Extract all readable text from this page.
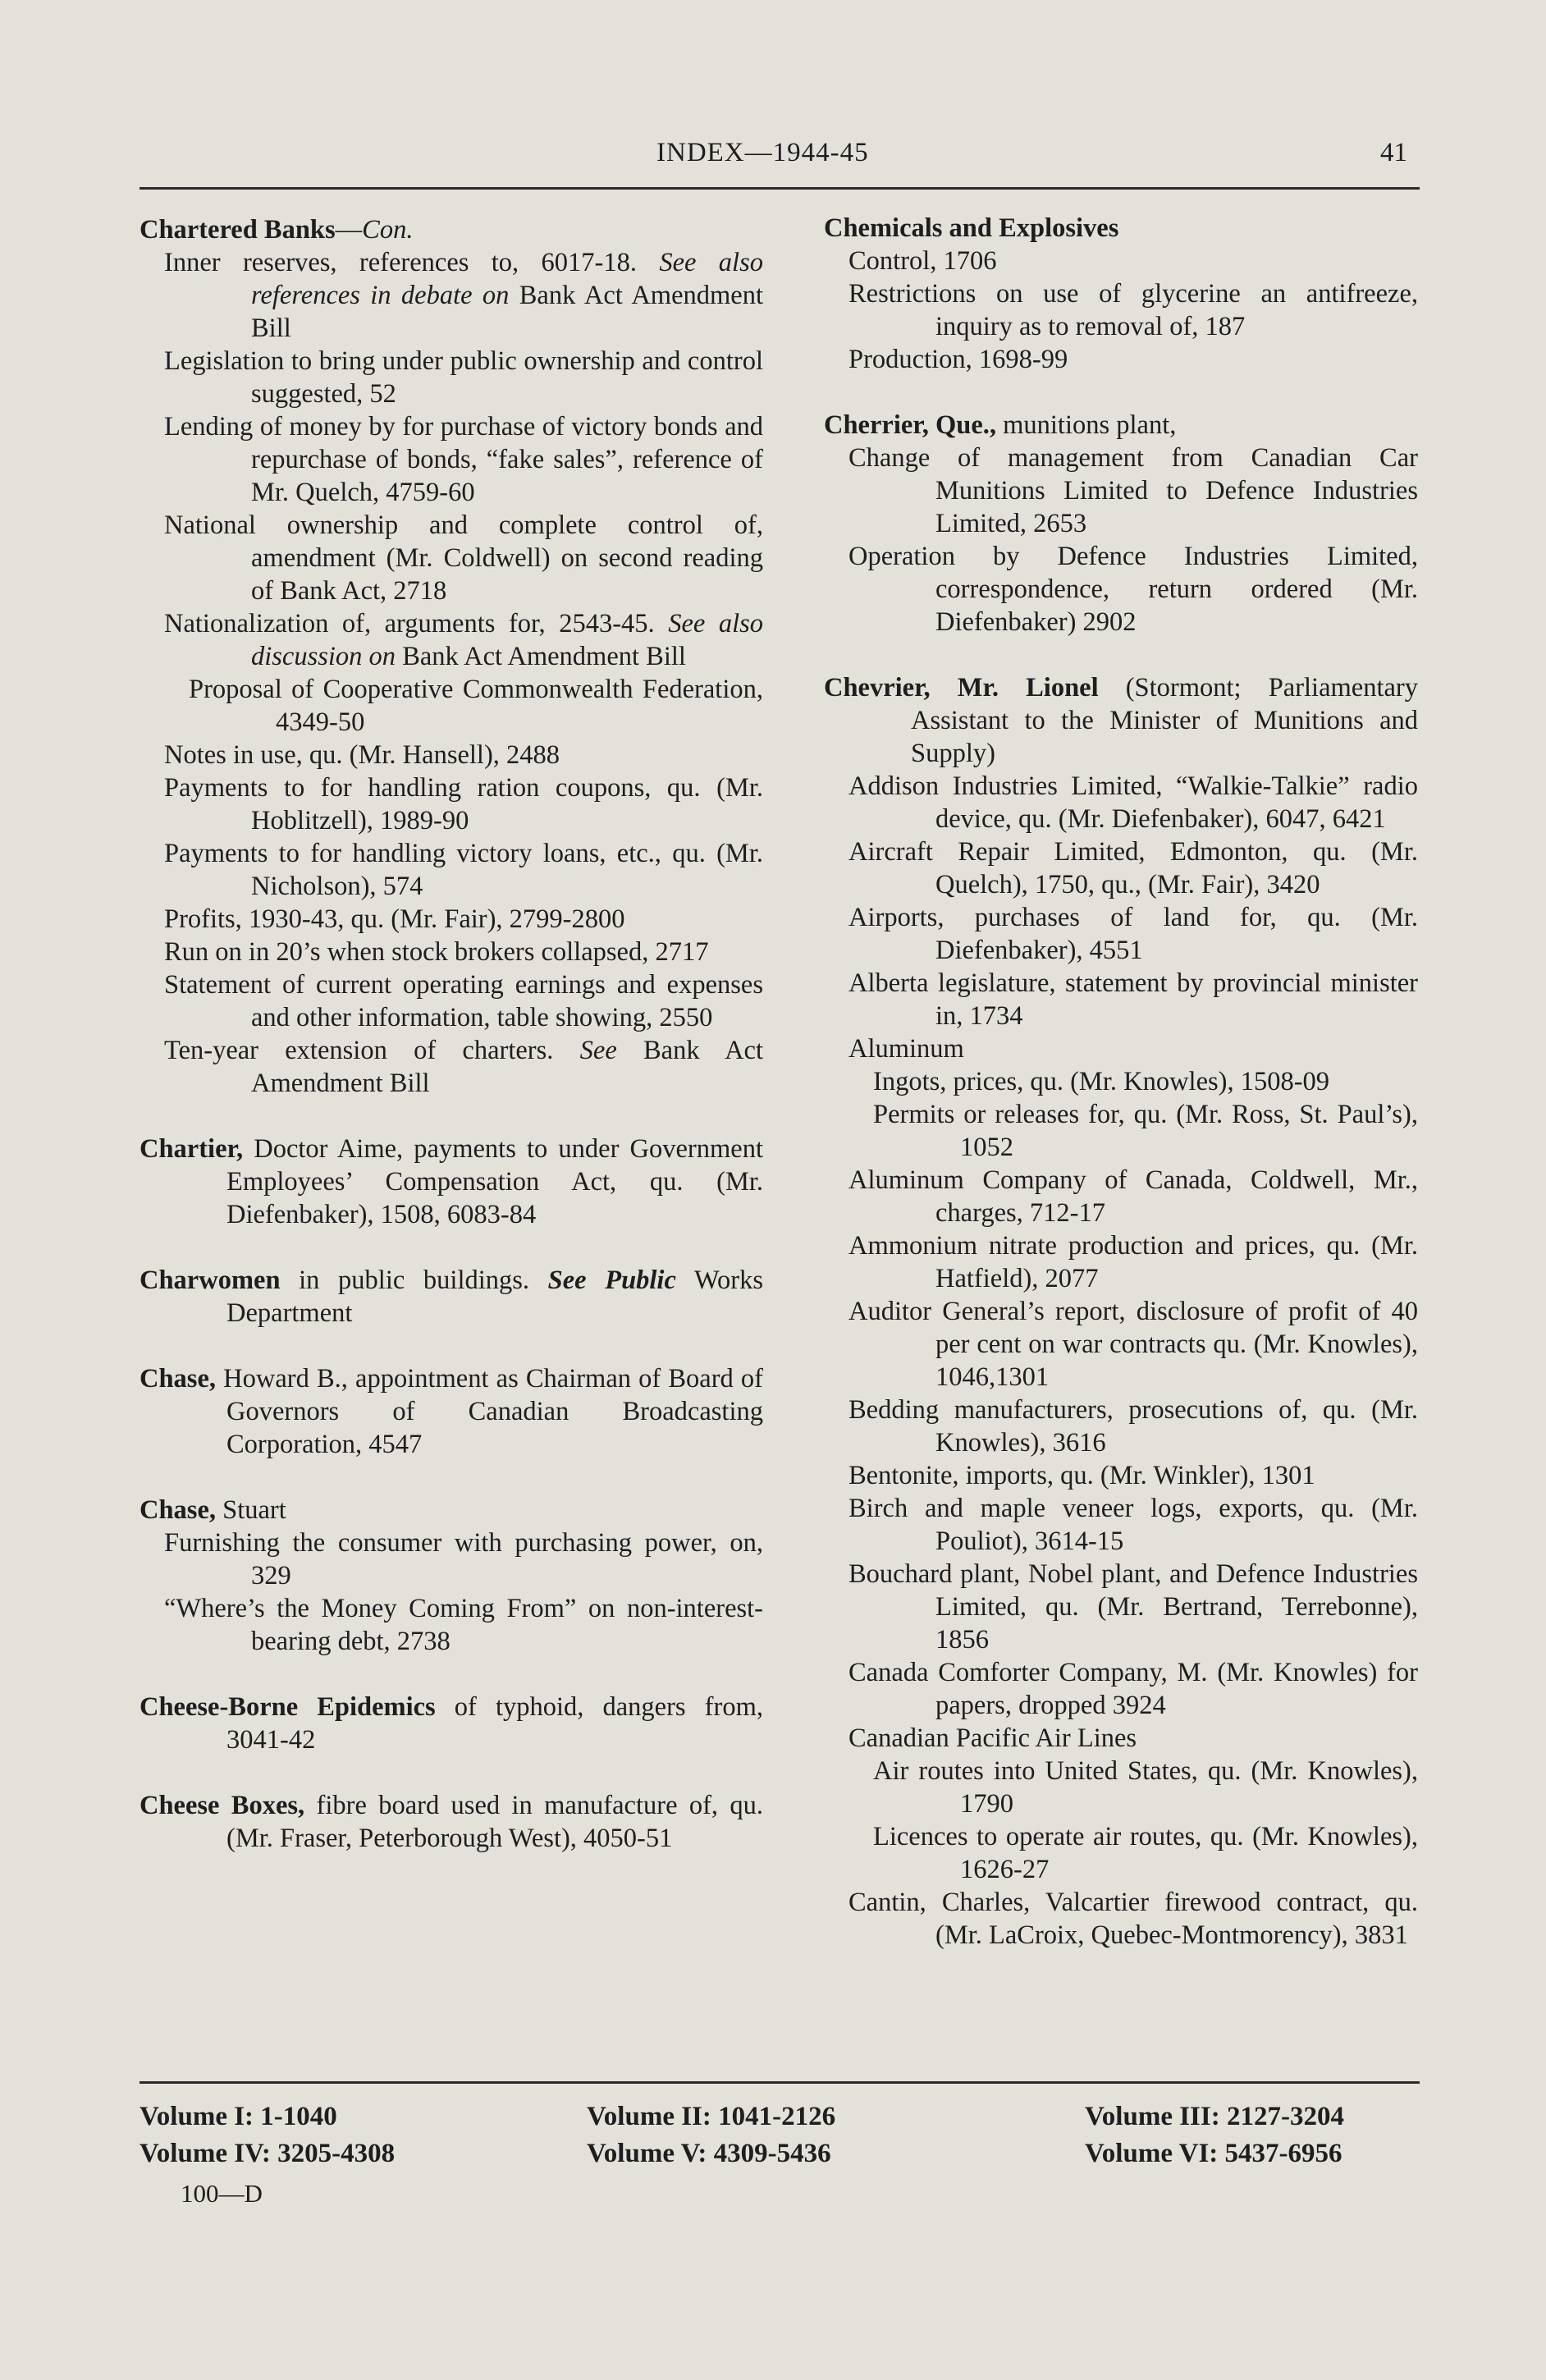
INDEX—1944-45	41

Chartered Banks—Con.

Inner reserves, references to, 6017-18. See also references in debate on Bank Act Amendment Bill

Legislation to bring under public ownership and control suggested, 52

Lending of money by for purchase of victory bonds and repurchase of bonds, “fake sales”, reference of Mr. Quelch, 4759-60

National ownership and complete control of, amendment (Mr. Coldwell) on second reading of Bank Act, 2718

Nationalization of, arguments for, 2543-45. See also discussion on Bank Act Amendment Bill

Proposal of Cooperative Commonwealth Federation, 4349-50

Notes in use, qu. (Mr. Hansell), 2488

Payments to for handling ration coupons, qu. (Mr. Hoblitzell), 1989-90

Payments to for handling victory loans, etc., qu. (Mr. Nicholson), 574

Profits, 1930-43, qu. (Mr. Fair), 2799-2800

Run on in 20’s when stock brokers collapsed, 2717

Statement of current operating earnings and expenses and other information, table showing, 2550

Ten-year extension of charters. See Bank Act Amendment Bill

Chartier, Doctor Aime, payments to under Government Employees’ Compensation Act, qu. (Mr. Diefenbaker), 1508, 6083-84

Charwomen in public buildings. See Public Works Department

Chase, Howard B., appointment as Chairman of Board of Governors of Canadian Broadcasting Corporation, 4547

Chase, Stuart

Furnishing the consumer with purchasing power, on, 329

“Where’s the Money Coming From” on non-interest-bearing debt, 2738

Cheese-Borne Epidemics of typhoid, dangers from, 3041-42

Cheese Boxes, fibre board used in manufacture of, qu. (Mr. Fraser, Peterborough West), 4050-51

Chemicals and Explosives

Control, 1706

Restrictions on use of glycerine an antifreeze, inquiry as to removal of, 187

Production, 1698-99

Cherrier, Que., munitions plant,

Change of management from Canadian Car Munitions Limited to Defence Industries Limited, 2653

Operation by Defence Industries Limited, correspondence, return ordered (Mr. Diefenbaker) 2902

Chevrier, Mr. Lionel (Stormont; Parliamentary Assistant to the Minister of Munitions and Supply)

Addison Industries Limited, “Walkie-Talkie” radio device, qu. (Mr. Diefenbaker), 6047, 6421

Aircraft Repair Limited, Edmonton, qu. (Mr. Quelch), 1750, qu., (Mr. Fair), 3420

Airports, purchases of land for, qu. (Mr. Diefenbaker), 4551

Alberta legislature, statement by provincial minister in, 1734

Aluminum

Ingots, prices, qu. (Mr. Knowles), 1508-09

Permits or releases for, qu. (Mr. Ross, St. Paul’s), 1052

Aluminum Company of Canada, Coldwell, Mr., charges, 712-17

Ammonium nitrate production and prices, qu. (Mr. Hatfield), 2077

Auditor General’s report, disclosure of profit of 40 per cent on war contracts qu. (Mr. Knowles), 1046,1301

Bedding manufacturers, prosecutions of, qu. (Mr. Knowles), 3616

Bentonite, imports, qu. (Mr. Winkler), 1301

Birch and maple veneer logs, exports, qu. (Mr. Pouliot), 3614-15

Bouchard plant, Nobel plant, and Defence Industries Limited, qu. (Mr. Bertrand, Terrebonne), 1856

Canada Comforter Company, M. (Mr. Knowles) for papers, dropped 3924

Canadian Pacific Air Lines

Air routes into United States, qu. (Mr. Knowles), 1790

Licences to operate air routes, qu. (Mr. Knowles), 1626-27

Cantin, Charles, Valcartier firewood contract, qu. (Mr. LaCroix, Quebec-Montmorency), 3831

Volume I: 1-1040	Volume II: 1041-2126	Volume III: 2127-3204
Volume IV: 3205-4308	Volume V: 4309-5436	Volume VI: 5437-6956
100—D
